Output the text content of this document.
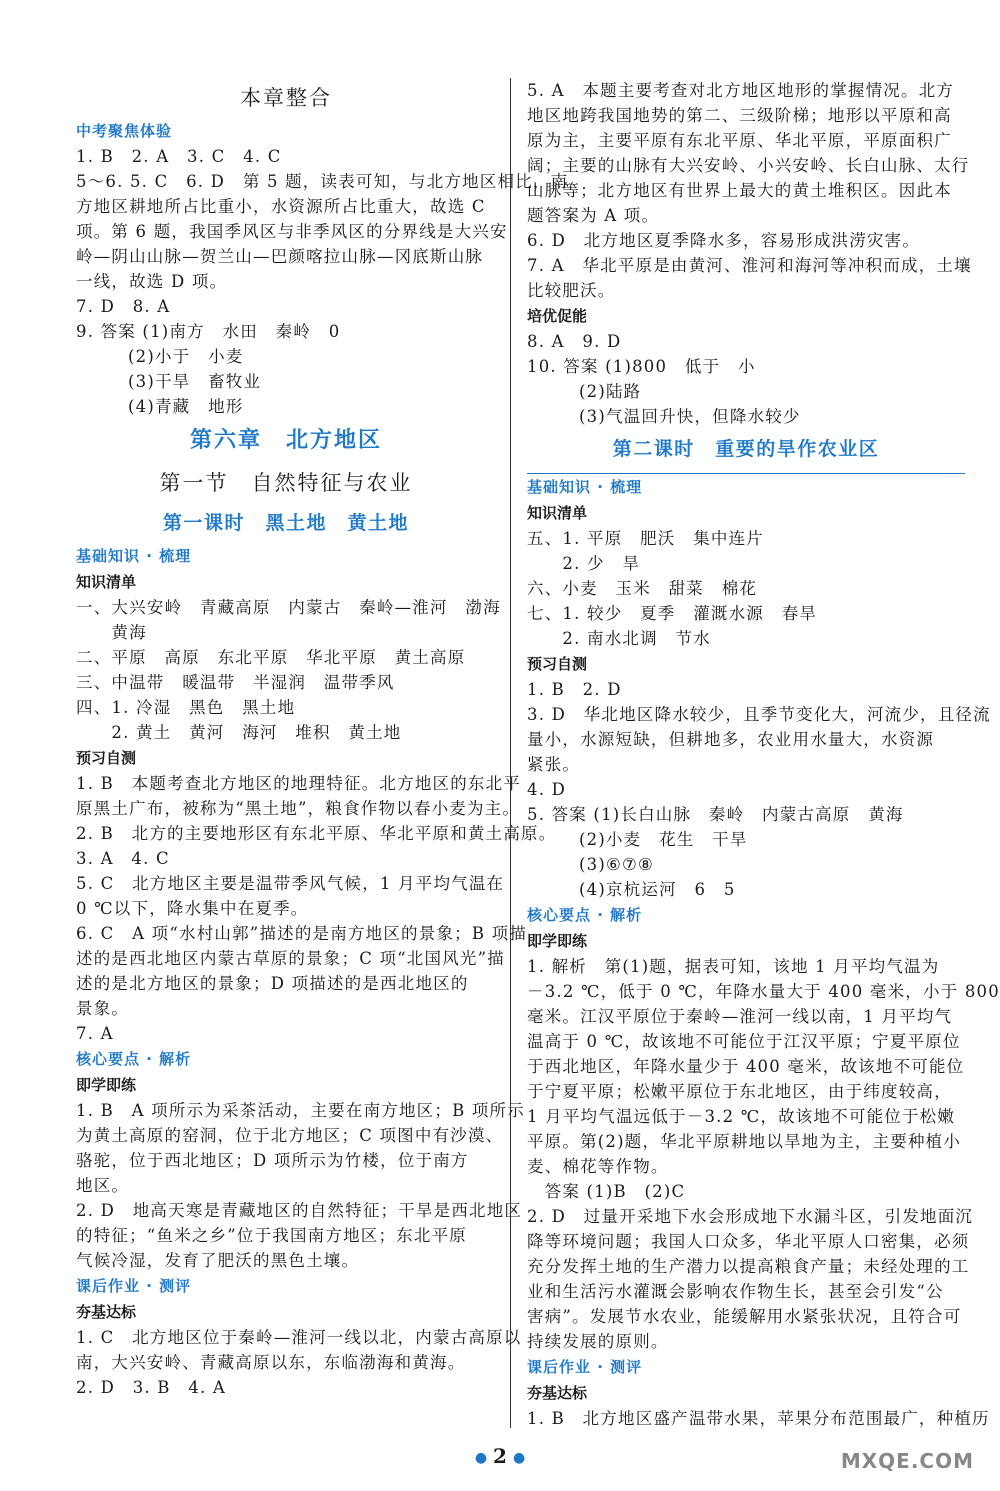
本章整合
中考聚焦体验
1. B　2. A　3. C　4. C
5～6. 5. C　6. D　第 5 题，读表可知，与北方地区相比，南
方地区耕地所占比重小，水资源所占比重大，故选 C
项。第 6 题，我国季风区与非季风区的分界线是大兴安
岭—阴山山脉—贺兰山—巴颜喀拉山脉—冈底斯山脉
一线，故选 D 项。
7. D　8. A
9. 答案 (1)南方　水田　秦岭　0
(2)小于　小麦
(3)干旱　畜牧业
(4)青藏　地形
第六章　北方地区
第一节　自然特征与农业
第一课时　黑土地　黄土地
基础知识 · 梳理
知识清单
一、大兴安岭　青藏高原　内蒙古　秦岭—淮河　渤海
　　黄海
二、平原　高原　东北平原　华北平原　黄土高原
三、中温带　暖温带　半湿润　温带季风
四、1. 冷湿　黑色　黑土地
　　2. 黄土　黄河　海河　堆积　黄土地
预习自测
1. B　本题考查北方地区的地理特征。北方地区的东北平
原黑土广布，被称为“黑土地”，粮食作物以春小麦为主。
2. B　北方的主要地形区有东北平原、华北平原和黄土高原。
3. A　4. C
5. C　北方地区主要是温带季风气候，1 月平均气温在
0 ℃以下，降水集中在夏季。
6. C　A 项“水村山郭”描述的是南方地区的景象；B 项描
述的是西北地区内蒙古草原的景象；C 项“北国风光”描
述的是北方地区的景象；D 项描述的是西北地区的
景象。
7. A
核心要点 · 解析
即学即练
1. B　A 项所示为采茶活动，主要在南方地区；B 项所示
为黄土高原的窑洞，位于北方地区；C 项图中有沙漠、
骆驼，位于西北地区；D 项所示为竹楼，位于南方
地区。
2. D　地高天寒是青藏地区的自然特征；干旱是西北地区
的特征；“鱼米之乡”位于我国南方地区；东北平原
气候冷湿，发育了肥沃的黑色土壤。
课后作业 · 测评
夯基达标
1. C　北方地区位于秦岭—淮河一线以北，内蒙古高原以
南，大兴安岭、青藏高原以东，东临渤海和黄海。
2. D　3. B　4. A
5. A　本题主要考查对北方地区地形的掌握情况。北方
地区地跨我国地势的第二、三级阶梯；地形以平原和高
原为主，主要平原有东北平原、华北平原，平原面积广
阔；主要的山脉有大兴安岭、小兴安岭、长白山脉、太行
山脉等；北方地区有世界上最大的黄土堆积区。因此本
题答案为 A 项。
6. D　北方地区夏季降水多，容易形成洪涝灾害。
7. A　华北平原是由黄河、淮河和海河等冲积而成，土壤
比较肥沃。
培优促能
8. A　9. D
10. 答案 (1)800　低于　小
(2)陆路
(3)气温回升快，但降水较少
第二课时　重要的旱作农业区
基础知识 · 梳理
知识清单
五、1. 平原　肥沃　集中连片
　　2. 少　旱
六、小麦　玉米　甜菜　棉花
七、1. 较少　夏季　灌溉水源　春旱
　　2. 南水北调　节水
预习自测
1. B　2. D
3. D　华北地区降水较少，且季节变化大，河流少，且径流
量小，水源短缺，但耕地多，农业用水量大，水资源
紧张。
4. D
5. 答案 (1)长白山脉　秦岭　内蒙古高原　黄海
(2)小麦　花生　干旱
(3)⑥⑦⑧
(4)京杭运河　6　5
核心要点 · 解析
即学即练
1. 解析　第(1)题，据表可知，该地 1 月平均气温为
－3.2 ℃，低于 0 ℃，年降水量大于 400 毫米，小于 800
毫米。江汉平原位于秦岭—淮河一线以南，1 月平均气
温高于 0 ℃，故该地不可能位于江汉平原；宁夏平原位
于西北地区，年降水量少于 400 毫米，故该地不可能位
于宁夏平原；松嫩平原位于东北地区，由于纬度较高，
1 月平均气温远低于－3.2 ℃，故该地不可能位于松嫩
平原。第(2)题，华北平原耕地以旱地为主，主要种植小
麦、棉花等作物。
　答案 (1)B　(2)C
2. D　过量开采地下水会形成地下水漏斗区，引发地面沉
降等环境问题；我国人口众多，华北平原人口密集，必须
充分发挥土地的生产潜力以提高粮食产量；未经处理的工
业和生活污水灌溉会影响农作物生长，甚至会引发“公
害病”。发展节水农业，能缓解用水紧张状况，且符合可
持续发展的原则。
课后作业 · 测评
夯基达标
1. B　北方地区盛产温带水果，苹果分布范围最广，种植历
● 2 ●	MXQE.COM
